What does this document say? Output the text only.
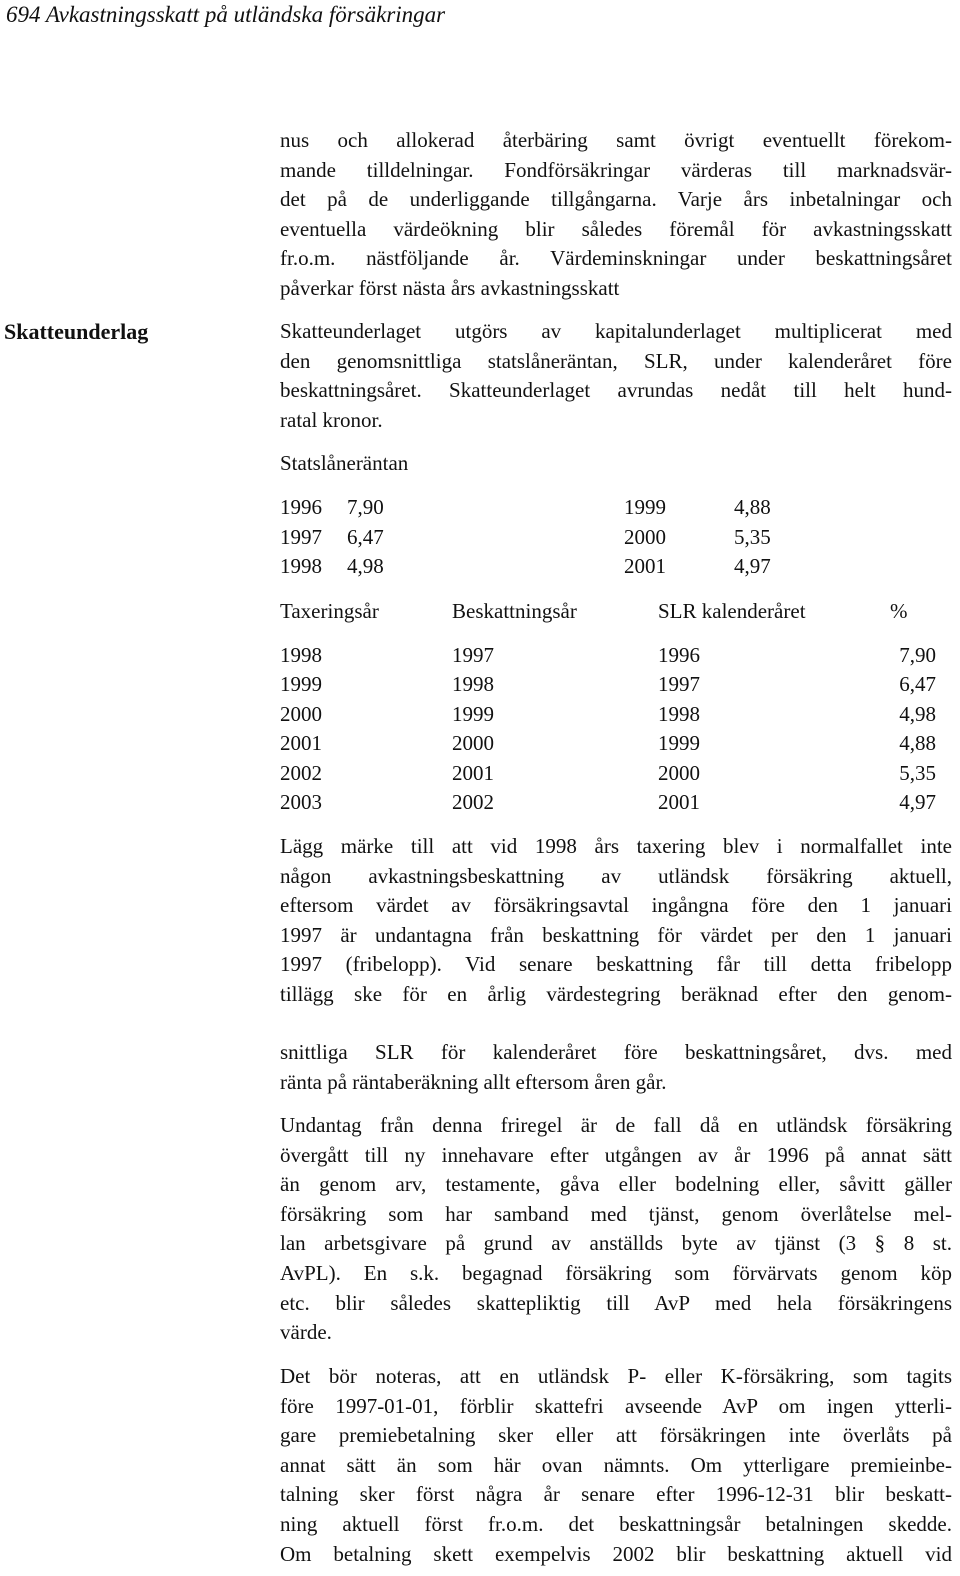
694 Avkastningsskatt på utländska försäkringar
Skatteunderlag

nus och allokerad återbäring samt övrigt eventuellt förekom-
mande tilldelningar. Fondförsäkringar värderas till marknadsvär-
det på de underliggande tillgångarna. Varje års inbetalningar och
eventuella värdeökning blir således föremål för avkastningsskatt
fr.o.m. nästföljande år. Värdeminskningar under beskattningsåret
påverkar först nästa års avkastningsskatt

Skatteunderlaget utgörs av kapitalunderlaget multiplicerat med
den genomsnittliga statslåneräntan, SLR, under kalenderåret före
beskattningsåret. Skatteunderlaget avrundas nedåt till helt hund-
ratal kronor.

Statslåneräntan
1996 7,90	1999	4,88
1997 6,47	2000	5,35
1998 4,98	2001	4,97
Taxeringsår	Beskattningsår	SLR kalenderåret	%
1998	1997	1996	7,90
1999	1998	1997	6,47
2000	1999	1998	4,98
2001	2000	1999	4,88
2002	2001	2000	5,35
2003	2002	2001	4,97

Lägg märke till att vid 1998 års taxering blev i normalfallet inte
någon avkastningsbeskattning av utländsk försäkring aktuell,
eftersom värdet av försäkringsavtal ingångna före den 1 januari
1997 är undantagna från beskattning för värdet per den 1 januari
1997 (fribelopp). Vid senare beskattning får till detta fribelopp
tillägg ske för en årlig värdestegring beräknad efter den genom-

snittliga SLR för kalenderåret före beskattningsåret, dvs. med
ränta på räntaberäkning allt eftersom åren går.

Undantag från denna friregel är de fall då en utländsk försäkring
övergått till ny innehavare efter utgången av år 1996 på annat sätt
än genom arv, testamente, gåva eller bodelning eller, såvitt gäller
försäkring som har samband med tjänst, genom överlåtelse mel-
lan arbetsgivare på grund av anställds byte av tjänst (3 § 8 st.
AvPL). En s.k. begagnad försäkring som förvärvats genom köp
etc. blir således skattepliktig till AvP med hela försäkringens
värde.

Det bör noteras, att en utländsk P- eller K-försäkring, som tagits
före 1997-01-01, förblir skattefri avseende AvP om ingen ytterli-
gare premiebetalning sker eller att försäkringen inte överlåts på
annat sätt än som här ovan nämnts. Om ytterligare premieinbe-
talning sker först några år senare efter 1996-12-31 blir beskatt-
ning aktuell först fr.o.m. det beskattningsår betalningen skedde.
Om betalning skett exempelvis 2002 blir beskattning aktuell vid
